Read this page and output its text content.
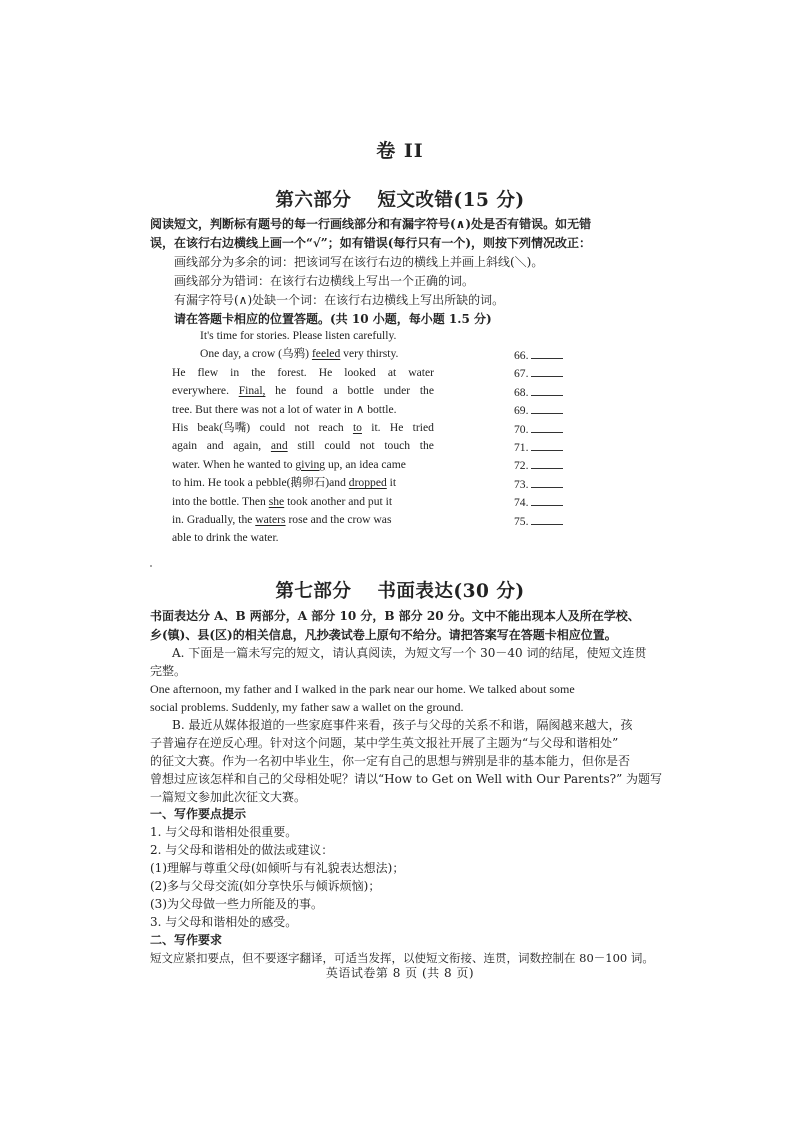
卷 II
第六部分 短文改错(15 分)
阅读短文，判断标有题号的每一行画线部分和有漏字符号(∧)处是否有错误。如无错
误，在该行右边横线上画一个“√”；如有错误(每行只有一个)，则按下列情况改正：
画线部分为多余的词：把该词写在该行右边的横线上并画上斜线(＼)。
画线部分为错词：在该行右边横线上写出一个正确的词。
有漏字符号(∧)处缺一个词：在该行右边横线上写出所缺的词。
请在答题卡相应的位置答题。(共 10 小题，每小题 1.5 分)
It's time for stories. Please listen carefully.
One day, a crow (乌鸦) feeled very thirsty.
He flew in the forest. He looked at water
everywhere. Final, he found a bottle under the
tree. But there was not a lot of water in ∧ bottle.
His beak(鸟嘴) could not reach to it. He tried
again and again, and still could not touch the
water. When he wanted to giving up, an idea came
to him. He took a pebble(鹅卵石)and dropped it
into the bottle. Then she took another and put it
in. Gradually, the waters rose and the crow was
able to drink the water.
66.
67.
68.
69.
70.
71.
72.
73.
74.
75.
第七部分 书面表达(30 分)
书面表达分 A、B 两部分，A 部分 10 分，B 部分 20 分。文中不能出现本人及所在学校、
乡(镇)、县(区)的相关信息，凡抄袭试卷上原句不给分。请把答案写在答题卡相应位置。
A. 下面是一篇未写完的短文，请认真阅读，为短文写一个 30－40 词的结尾，使短文连贯
完整。
One afternoon, my father and I walked in the park near our home. We talked about some
social problems. Suddenly, my father saw a wallet on the ground.
B. 最近从媒体报道的一些家庭事件来看，孩子与父母的关系不和谐，隔阂越来越大，孩
子普遍存在逆反心理。针对这个问题，某中学生英文报社开展了主题为“与父母和谐相处”
的征文大赛。作为一名初中毕业生，你一定有自己的思想与辨别是非的基本能力，但你是否
曾想过应该怎样和自己的父母相处呢？请以“How to Get on Well with Our Parents?” 为题写
一篇短文参加此次征文大赛。
一、写作要点提示
1. 与父母和谐相处很重要。
2. 与父母和谐相处的做法或建议：
(1)理解与尊重父母(如倾听与有礼貌表达想法)；
(2)多与父母交流(如分享快乐与倾诉烦恼)；
(3)为父母做一些力所能及的事。
3. 与父母和谐相处的感受。
二、写作要求
短文应紧扣要点，但不要逐字翻译，可适当发挥，以使短文衔接、连贯，词数控制在 80－100 词。
英语试卷第 8 页 (共 8 页)
